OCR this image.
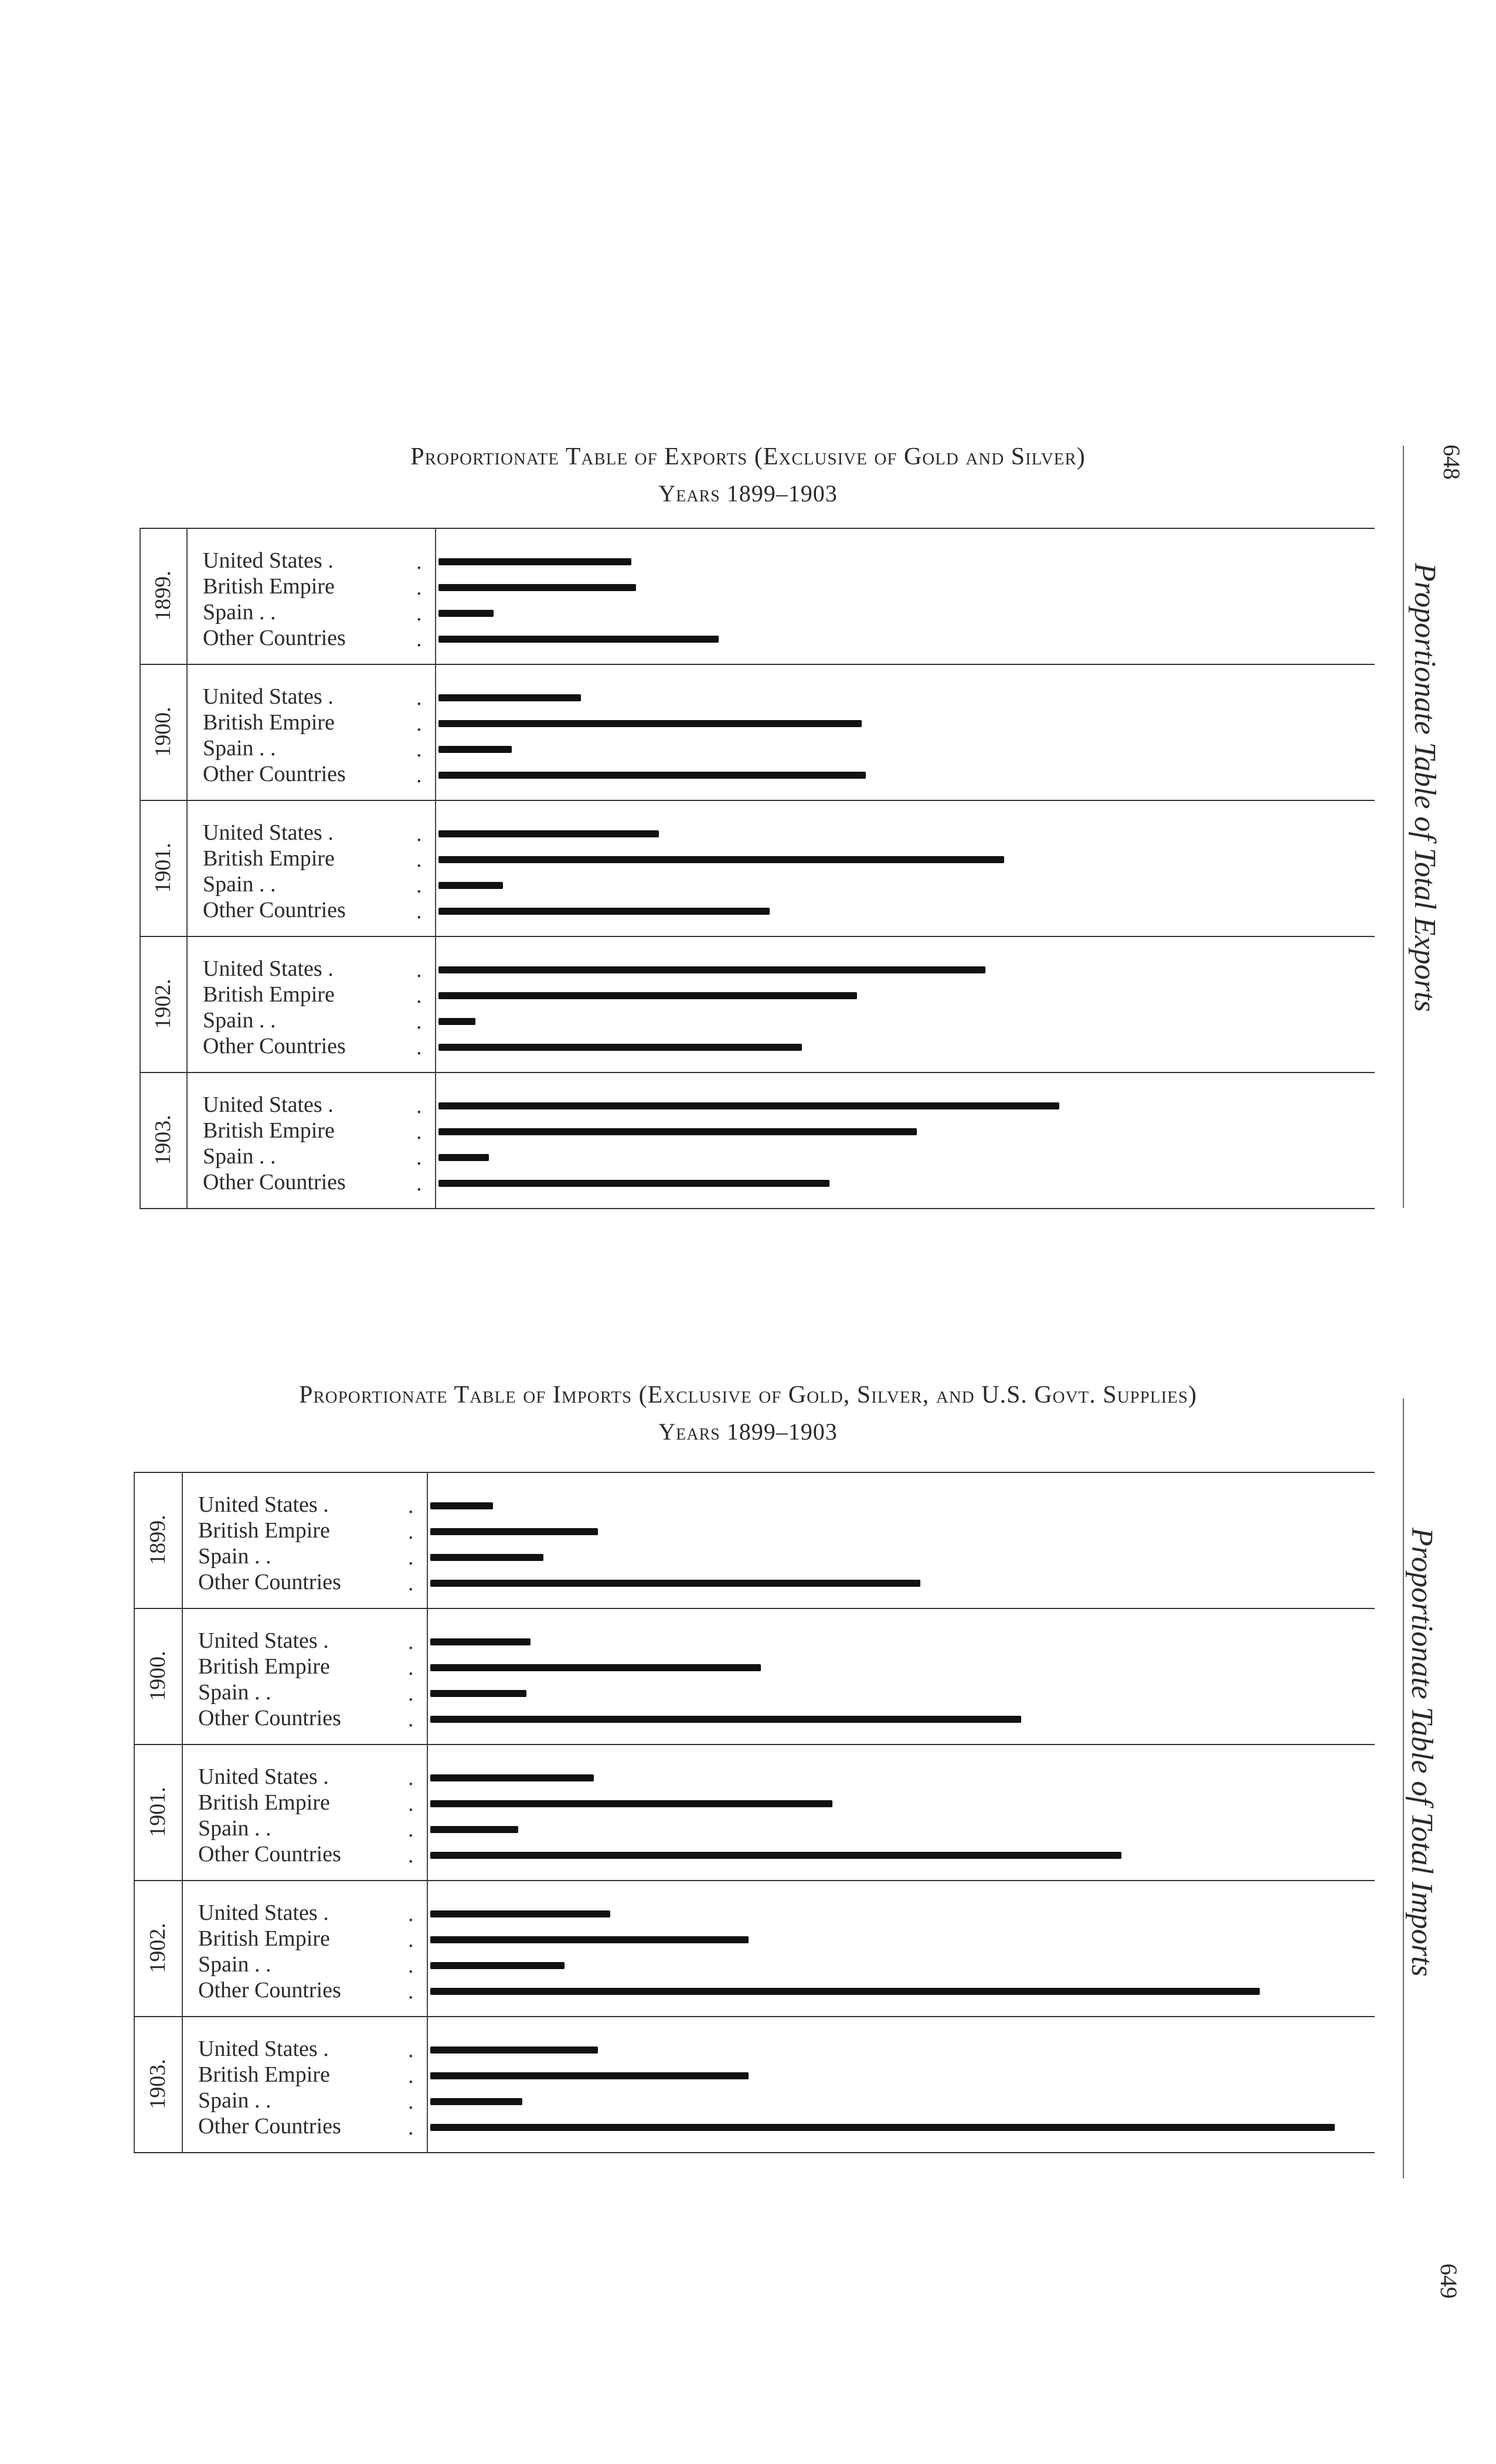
Proportionate Table of Exports (Exclusive of Gold and Silver)
Years 1899–1903
1899.
United States .	.
British Empire	.
Spain . .	.
Other Countries	.
1900.
United States .	.
British Empire	.
Spain . .	.
Other Countries	.
1901.
United States .	.
British Empire	.
Spain . .	.
Other Countries	.
1902.
United States .	.
British Empire	.
Spain . .	.
Other Countries	.
1903.
United States .	.
British Empire	.
Spain . .	.
Other Countries	.
Proportionate Table of Imports (Exclusive of Gold, Silver, and U.S. Govt. Supplies)
Years 1899–1903
1899.
United States .	.
British Empire	.
Spain . .	.
Other Countries	.
1900.
United States .	.
British Empire	.
Spain . .	.
Other Countries	.
1901.
United States .	.
British Empire	.
Spain . .	.
Other Countries	.
1902.
United States .	.
British Empire	.
Spain . .	.
Other Countries	.
1903.
United States .	.
British Empire	.
Spain . .	.
Other Countries	.
Proportionate Table of Total Exports
Proportionate Table of Total Imports
648
649
